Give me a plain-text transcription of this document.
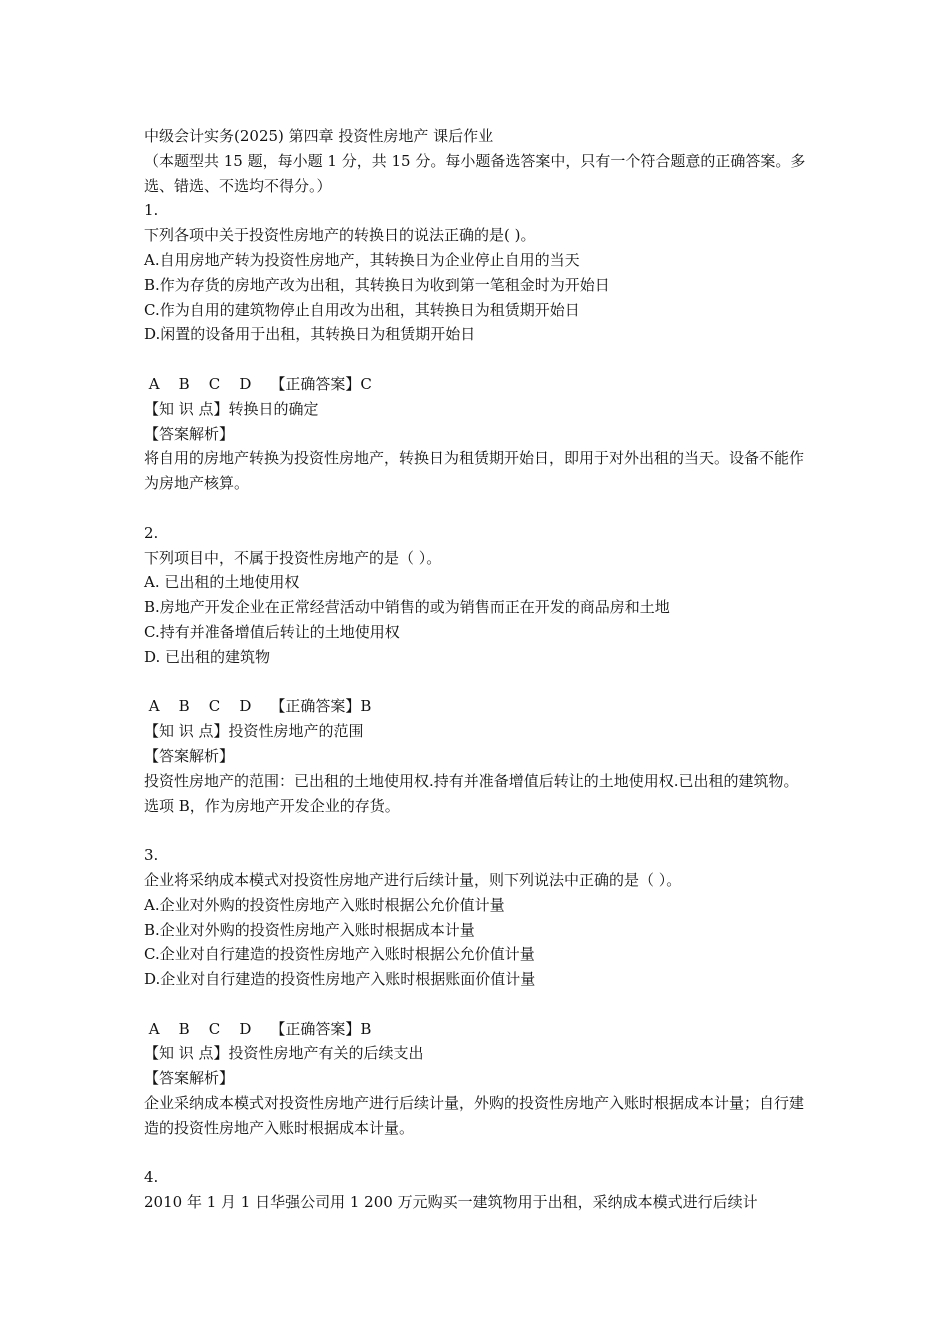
中级会计实务(2025) 第四章 投资性房地产 课后作业
（本题型共 15 题，每小题 1 分，共 15 分。每小题备选答案中，只有一个符合题意的正确答案。多选、错选、不选均不得分。）
1.
下列各项中关于投资性房地产的转换日的说法正确的是( )。
A.自用房地产转为投资性房地产，其转换日为企业停止自用的当天
B.作为存货的房地产改为出租，其转换日为收到第一笔租金时为开始日
C.作为自用的建筑物停止自用改为出租，其转换日为租赁期开始日
D.闲置的设备用于出租，其转换日为租赁期开始日
A    B    C    D    【正确答案】C
【知 识 点】转换日的确定
【答案解析】
将自用的房地产转换为投资性房地产，转换日为租赁期开始日，即用于对外出租的当天。设备不能作为房地产核算。
2.
下列项目中，不属于投资性房地产的是（ ）。
A. 已出租的土地使用权
B.房地产开发企业在正常经营活动中销售的或为销售而正在开发的商品房和土地
C.持有并准备增值后转让的土地使用权
D. 已出租的建筑物
A    B    C    D    【正确答案】B
【知 识 点】投资性房地产的范围
【答案解析】
投资性房地产的范围：已出租的土地使用权.持有并准备增值后转让的土地使用权.已出租的建筑物。选项 B，作为房地产开发企业的存货。
3.
企业将采纳成本模式对投资性房地产进行后续计量，则下列说法中正确的是（ ）。
A.企业对外购的投资性房地产入账时根据公允价值计量
B.企业对外购的投资性房地产入账时根据成本计量
C.企业对自行建造的投资性房地产入账时根据公允价值计量
D.企业对自行建造的投资性房地产入账时根据账面价值计量
A    B    C    D    【正确答案】B
【知 识 点】投资性房地产有关的后续支出
【答案解析】
企业采纳成本模式对投资性房地产进行后续计量，外购的投资性房地产入账时根据成本计量；自行建造的投资性房地产入账时根据成本计量。
4.
2010 年 1 月 1 日华强公司用 1 200 万元购买一建筑物用于出租，采纳成本模式进行后续计
